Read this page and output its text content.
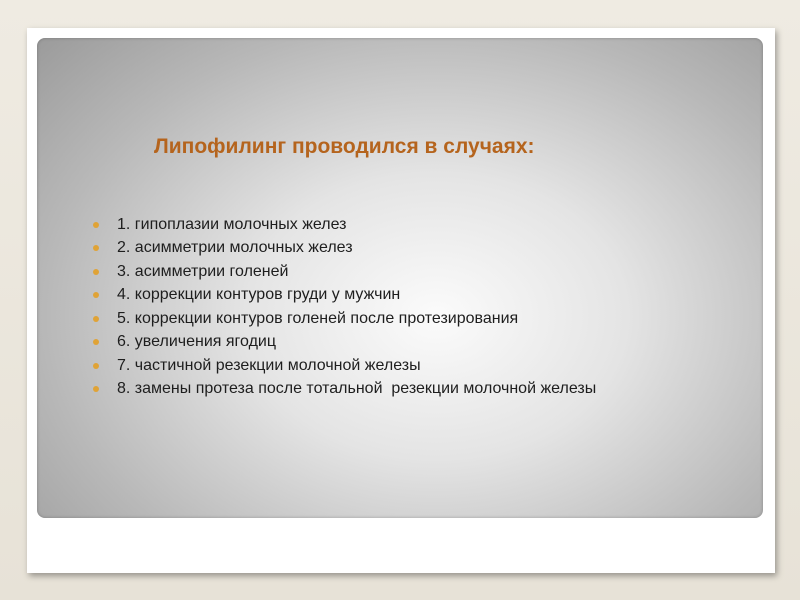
Липофилинг проводился в случаях:
1. гипоплазии молочных желез
2. асимметрии молочных желез
3. асимметрии голеней
4. коррекции контуров груди у мужчин
5. коррекции контуров голеней после протезирования
6. увеличения ягодиц
7. частичной резекции молочной железы
8. замены протеза после тотальной  резекции молочной железы
